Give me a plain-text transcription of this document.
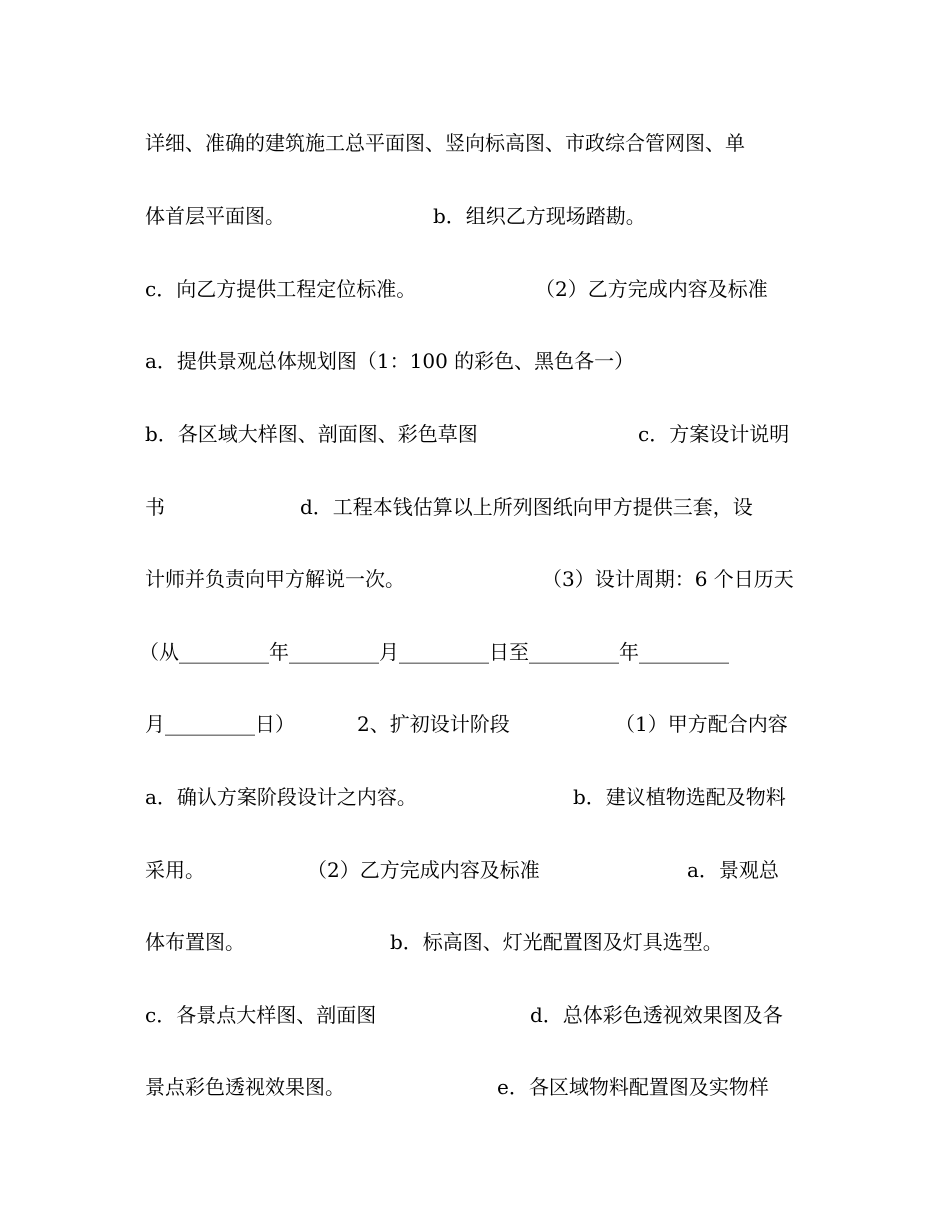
详细、准确的建筑施工总平面图、竖向标高图、市政综合管网图、单
体首层平面图。	b．组织乙方现场踏勘。
c．向乙方提供工程定位标准。	（2）乙方完成内容及标准
a．提供景观总体规划图（1：100 的彩色、黑色各一）
b．各区域大样图、剖面图、彩色草图	c．方案设计说明
书	d．工程本钱估算以上所列图纸向甲方提供三套，设
计师并负责向甲方解说一次。	（3）设计周期：6 个日历天
（从_________年_________月_________日至_________年_________
月_________日）	2、扩初设计阶段	（1）甲方配合内容
a．确认方案阶段设计之内容。	b．建议植物选配及物料
采用。	（2）乙方完成内容及标准	a．景观总
体布置图。	b．标高图、灯光配置图及灯具选型。
c．各景点大样图、剖面图	d．总体彩色透视效果图及各
景点彩色透视效果图。	e．各区域物料配置图及实物样
